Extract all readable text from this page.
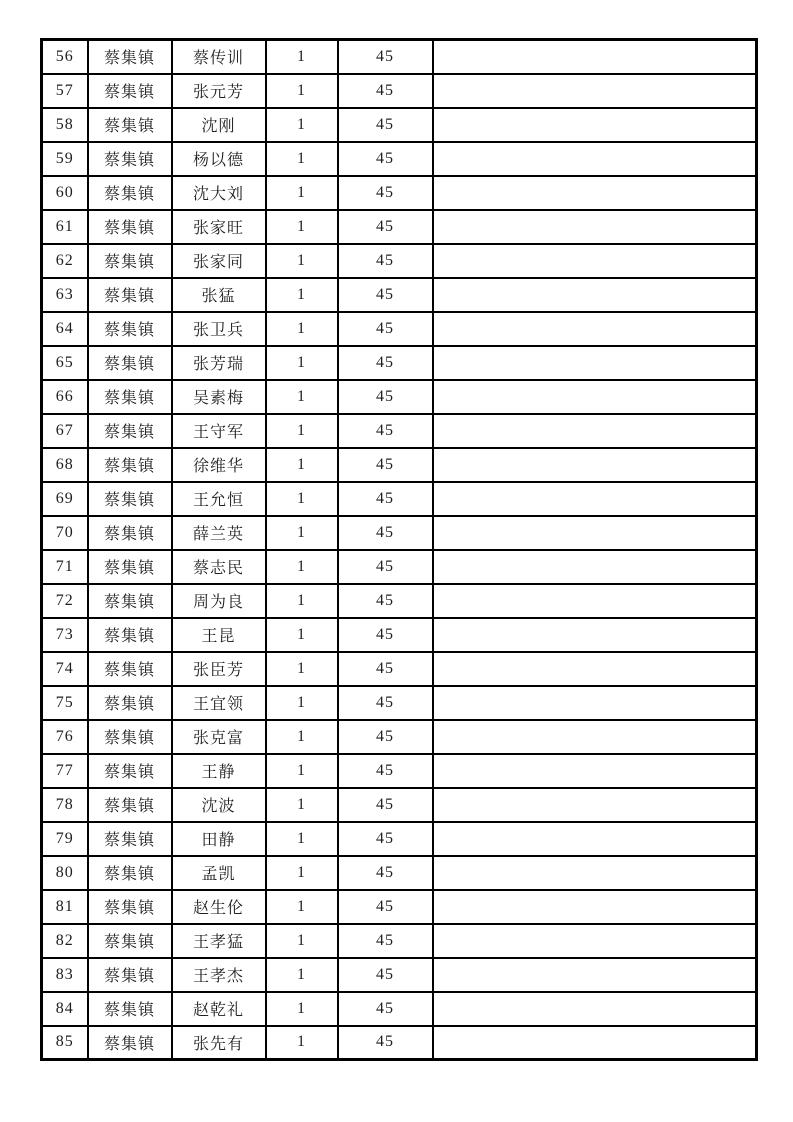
56	蔡集镇	蔡传训	1	45	
57	蔡集镇	张元芳	1	45	
58	蔡集镇	沈刚	1	45	
59	蔡集镇	杨以德	1	45	
60	蔡集镇	沈大刘	1	45	
61	蔡集镇	张家旺	1	45	
62	蔡集镇	张家同	1	45	
63	蔡集镇	张猛	1	45	
64	蔡集镇	张卫兵	1	45	
65	蔡集镇	张芳瑞	1	45	
66	蔡集镇	吴素梅	1	45	
67	蔡集镇	王守军	1	45	
68	蔡集镇	徐维华	1	45	
69	蔡集镇	王允恒	1	45	
70	蔡集镇	薛兰英	1	45	
71	蔡集镇	蔡志民	1	45	
72	蔡集镇	周为良	1	45	
73	蔡集镇	王昆	1	45	
74	蔡集镇	张臣芳	1	45	
75	蔡集镇	王宜领	1	45	
76	蔡集镇	张克富	1	45	
77	蔡集镇	王静	1	45	
78	蔡集镇	沈波	1	45	
79	蔡集镇	田静	1	45	
80	蔡集镇	孟凯	1	45	
81	蔡集镇	赵生伦	1	45	
82	蔡集镇	王孝猛	1	45	
83	蔡集镇	王孝杰	1	45	
84	蔡集镇	赵乾礼	1	45	
85	蔡集镇	张先有	1	45	
